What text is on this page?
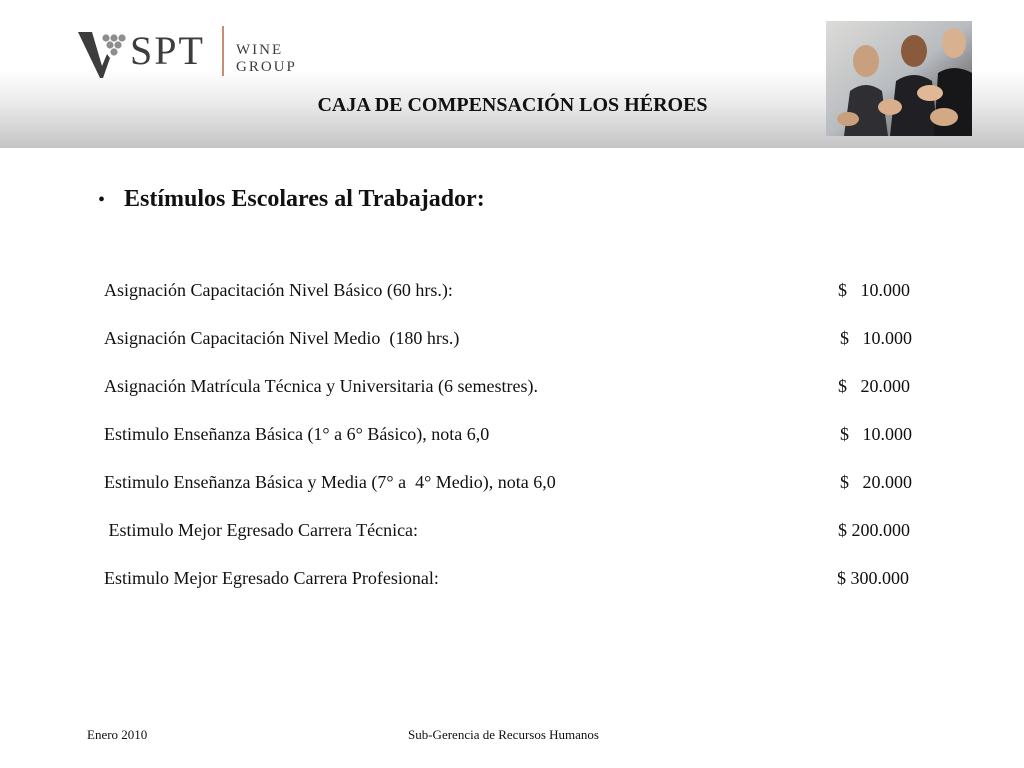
SPT WINE GROUP
CAJA DE COMPENSACIÓN LOS HÉROES
• Estímulos Escolares al Trabajador:
Asignación Capacitación Nivel Básico (60 hrs.):	$   10.000
Asignación Capacitación Nivel Medio  (180 hrs.)	$   10.000
Asignación Matrícula Técnica y Universitaria (6 semestres).	$   20.000
Estimulo Enseñanza Básica (1° a 6° Básico), nota 6,0	$   10.000
Estimulo Enseñanza Básica y Media (7° a  4° Medio), nota 6,0	$   20.000
Estimulo Mejor Egresado Carrera Técnica:	$ 200.000
Estimulo Mejor Egresado Carrera Profesional:	$ 300.000
Enero 2010	Sub-Gerencia de Recursos Humanos
